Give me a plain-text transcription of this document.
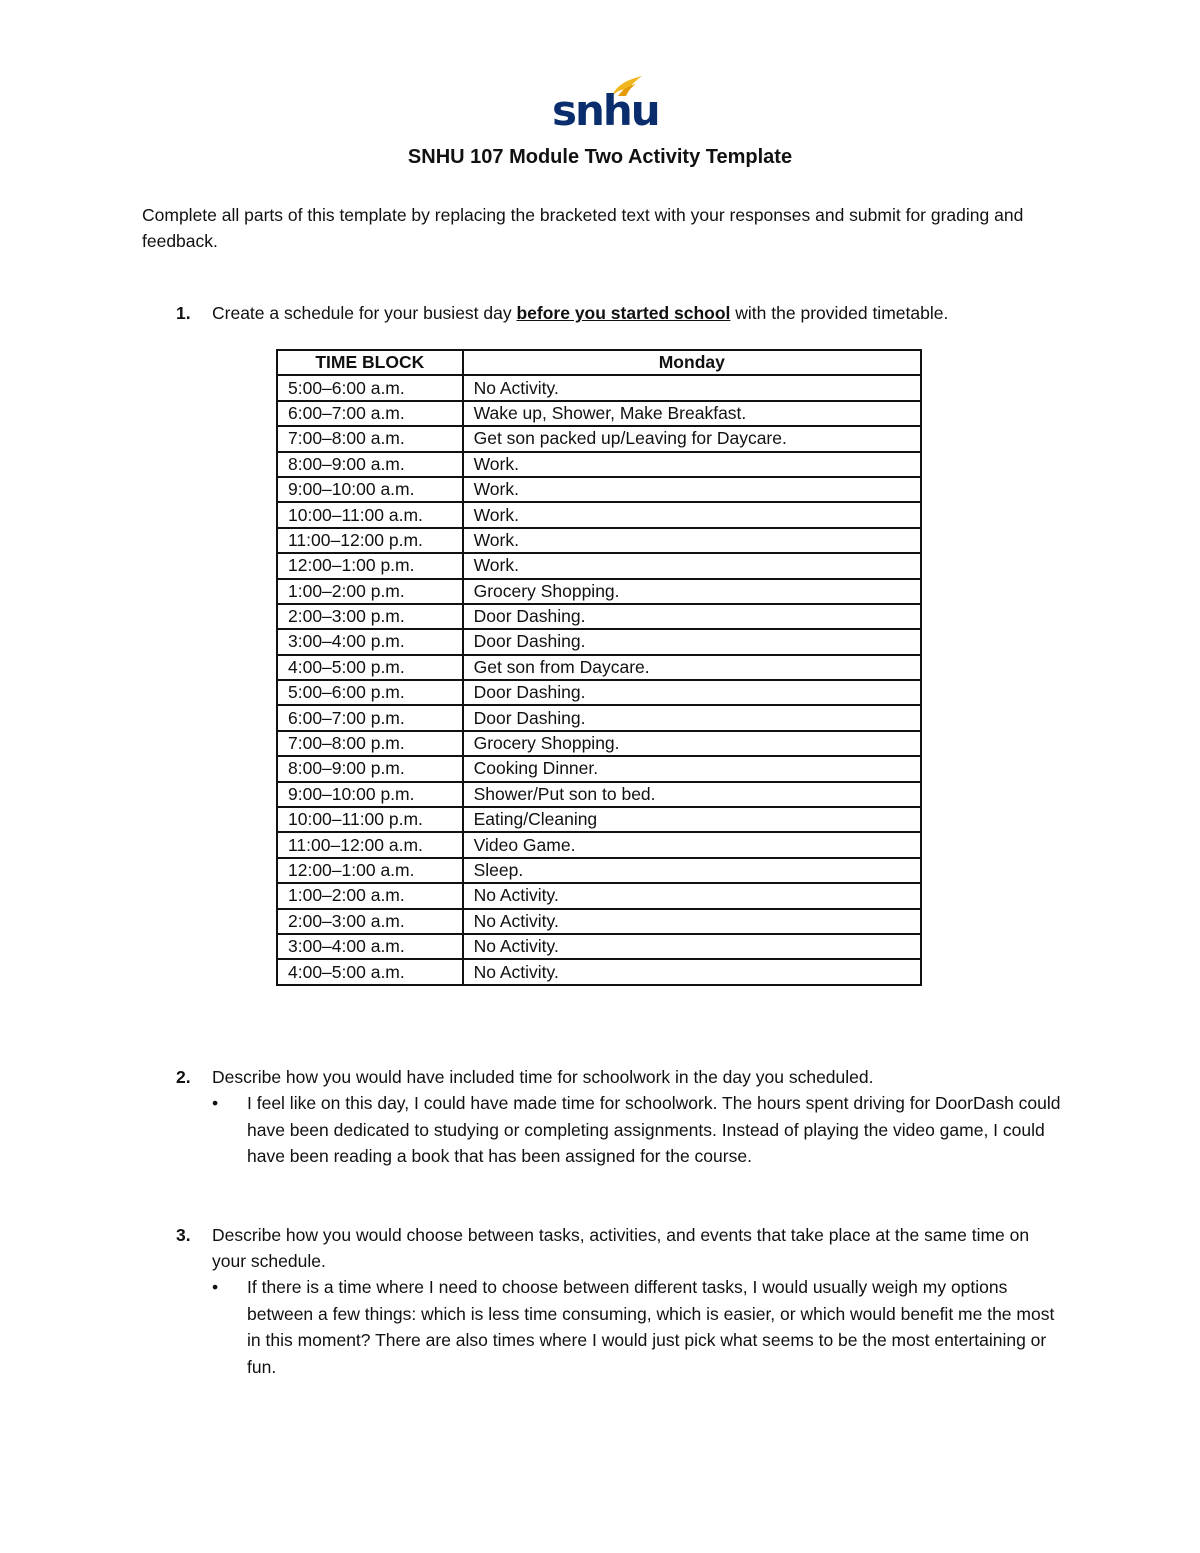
snhu
SNHU 107 Module Two Activity Template
Complete all parts of this template by replacing the bracketed text with your responses and submit for grading and feedback.
1. Create a schedule for your busiest day before you started school with the provided timetable.
TIME BLOCK	Monday
5:00–6:00 a.m.	No Activity.
6:00–7:00 a.m.	Wake up, Shower, Make Breakfast.
7:00–8:00 a.m.	Get son packed up/Leaving for Daycare.
8:00–9:00 a.m.	Work.
9:00–10:00 a.m.	Work.
10:00–11:00 a.m.	Work.
11:00–12:00 p.m.	Work.
12:00–1:00 p.m.	Work.
1:00–2:00 p.m.	Grocery Shopping.
2:00–3:00 p.m.	Door Dashing.
3:00–4:00 p.m.	Door Dashing.
4:00–5:00 p.m.	Get son from Daycare.
5:00–6:00 p.m.	Door Dashing.
6:00–7:00 p.m.	Door Dashing.
7:00–8:00 p.m.	Grocery Shopping.
8:00–9:00 p.m.	Cooking Dinner.
9:00–10:00 p.m.	Shower/Put son to bed.
10:00–11:00 p.m.	Eating/Cleaning
11:00–12:00 a.m.	Video Game.
12:00–1:00 a.m.	Sleep.
1:00–2:00 a.m.	No Activity.
2:00–3:00 a.m.	No Activity.
3:00–4:00 a.m.	No Activity.
4:00–5:00 a.m.	No Activity.
2. Describe how you would have included time for schoolwork in the day you scheduled.
• I feel like on this day, I could have made time for schoolwork. The hours spent driving for DoorDash could have been dedicated to studying or completing assignments. Instead of playing the video game, I could have been reading a book that has been assigned for the course.
3. Describe how you would choose between tasks, activities, and events that take place at the same time on your schedule.
• If there is a time where I need to choose between different tasks, I would usually weigh my options between a few things: which is less time consuming, which is easier, or which would benefit me the most in this moment? There are also times where I would just pick what seems to be the most entertaining or fun.
